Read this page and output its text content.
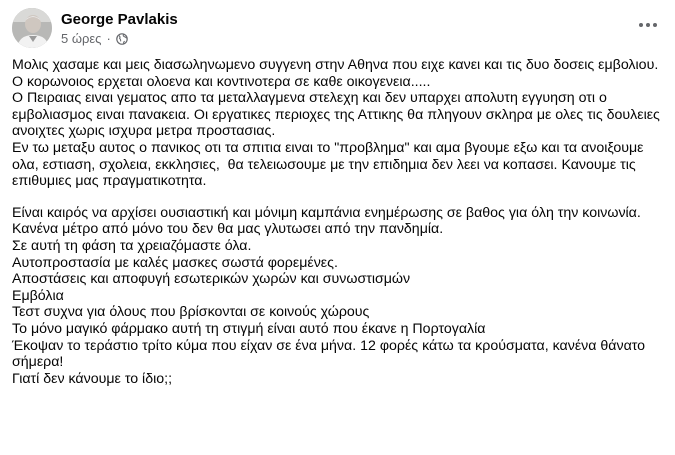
George Pavlakis
5 ώρες ·

Μολις χασαμε και μεις διασωληνωμενο συγγενη στην Αθηνα που ειχε κανει και τις δυο δοσεις εμβολιου. Ο κορωνοιος ερχεται ολοενα και κοντινοτερα σε καθε οικογενεια.....

Ο Πειραιας ειναι γεματος απο τα μεταλλαγμενα στελεχη και δεν υπαρχει απολυτη εγγυηση οτι ο εμβολιασμος ειναι πανακεια. Οι εργατικες περιοχες της Αττικης θα πληγουν σκληρα με ολες τις δουλειες ανοιχτες χωρις ισχυρα μετρα προστασιας.

Εν τω μεταξυ αυτος ο πανικος οτι τα σπιτια ειναι το "προβλημα" και αμα βγουμε εξω και τα ανοιξουμε ολα, εστιαση, σχολεια, εκκλησιες,  θα τελειωσουμε με την επιδημια δεν λεει να κοπασει. Κανουμε τις επιθυμιες μας πραγματικοτητα.

Είναι καιρός να αρχίσει ουσιαστική και μόνιμη καμπάνια ενημέρωσης σε βαθος για όλη την κοινωνία.

Κανένα μέτρο από μόνο του δεν θα μας γλυτωσει από την πανδημία.

Σε αυτή τη φάση τα χρειαζόμαστε όλα.

Αυτοπροστασία με καλές μασκες σωστά φορεμένες.

Αποστάσεις και αποφυγή εσωτερικών χωρών και συνωστισμών

Εμβόλια

Τεστ συχνα για όλους που βρίσκονται σε κοινούς χώρους

Το μόνο μαγικό φάρμακο αυτή τη στιγμή είναι αυτό που έκανε η Πορτογαλία

Έκοψαν το τεράστιο τρίτο κύμα που είχαν σε ένα μήνα. 12 φορές κάτω τα κρούσματα, κανένα θάνατο σήμερα!

Γιατί δεν κάνουμε το ίδιο;;
